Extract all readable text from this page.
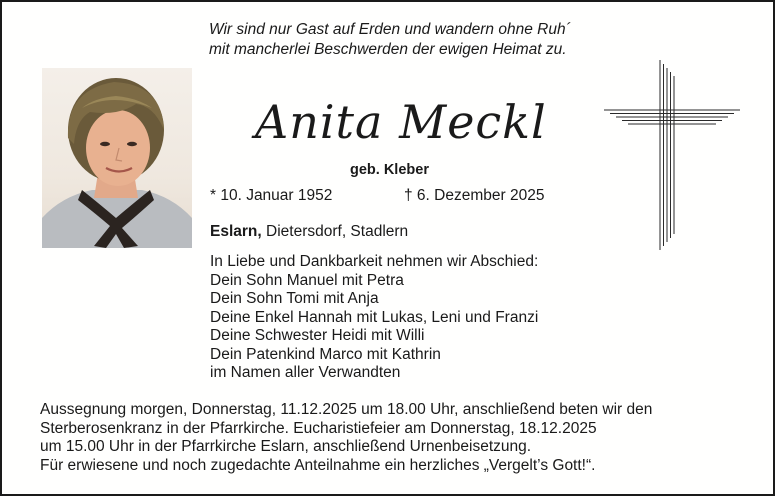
Wir sind nur Gast auf Erden und wandern ohne Ruh´
mit mancherlei Beschwerden der ewigen Heimat zu.
Anita Meckl
geb. Kleber
* 10. Januar 1952	† 6. Dezember 2025
Eslarn, Dietersdorf, Stadlern
In Liebe und Dankbarkeit nehmen wir Abschied:
Dein Sohn Manuel mit Petra
Dein Sohn Tomi mit Anja
Deine Enkel Hannah mit Lukas, Leni und Franzi
Deine Schwester Heidi mit Willi
Dein Patenkind Marco mit Kathrin
im Namen aller Verwandten
Aussegnung morgen, Donnerstag, 11.12.2025 um 18.00 Uhr, anschließend beten wir den
Sterberosenkranz in der Pfarrkirche. Eucharistiefeier am Donnerstag, 18.12.2025
um 15.00 Uhr in der Pfarrkirche Eslarn, anschließend Urnenbeisetzung.
Für erwiesene und noch zugedachte Anteilnahme ein herzliches „Vergelt’s Gott!“.
